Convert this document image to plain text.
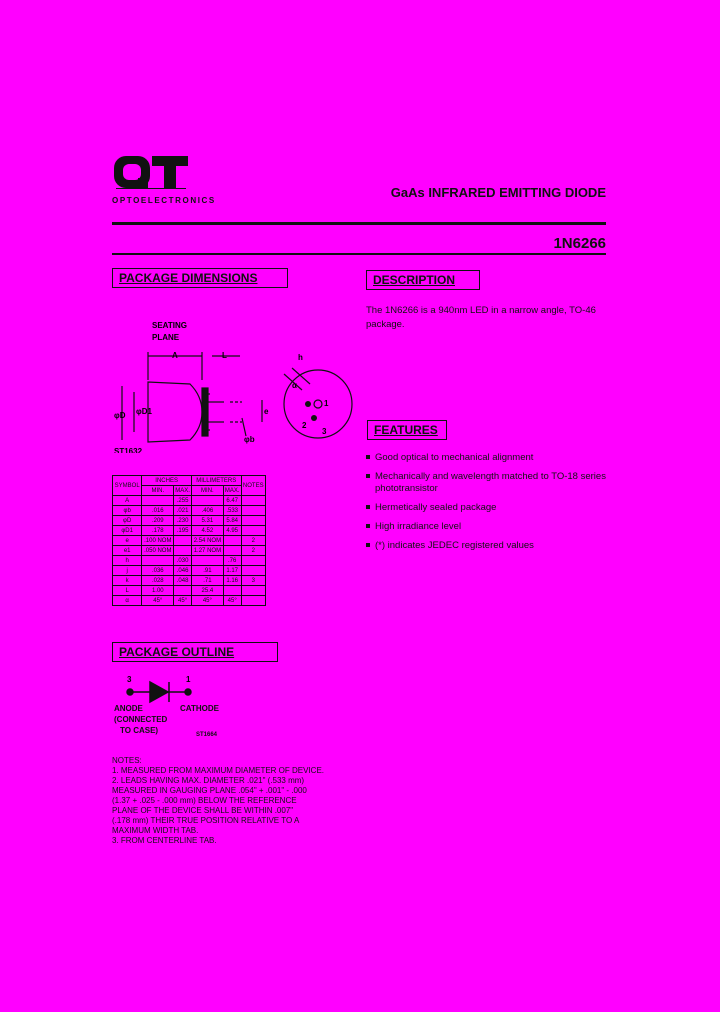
OPTOELECTRONICS
GaAs INFRARED EMITTING DIODE
1N6266
PACKAGE DIMENSIONS
SEATING
PLANE
A	L
φD φD1
φb
e
h
α
1
3
2
ST1632
SYMBOL	INCHES		MILLIMETERS		NOTES
	MIN.	MAX.	MIN.	MAX.	
A		.255		6.47	
φb	.016	.021	.406	.533	
φD	.209	.230	5.31	5.84	
φD1	.178	.195	4.52	4.95	
e	.100 NOM		2.54 NOM		2
e1	.050 NOM		1.27 NOM		2
h		.030		.76	
j	.036	.046	.91	1.17	
k	.028	.048	.71	1.16	3
L	1.00		25.4		
α	45°	45°	45°	45°	
DESCRIPTION
The 1N6266 is a 940nm LED in a narrow angle, TO-46 package.
FEATURES
Good optical to mechanical alignment
Mechanically and wavelength matched to TO-18 series phototransistor
Hermetically sealed package
High irradiance level
(*) indicates JEDEC registered values
PACKAGE OUTLINE
3	1
ANODE
(CONNECTED
TO CASE)
CATHODE
ST1664
NOTES:
1. MEASURED FROM MAXIMUM DIAMETER OF DEVICE.
2. LEADS HAVING MAX. DIAMETER .021" (.533 mm)
MEASURED IN GAUGING PLANE .054" + .001" - .000
(1.37 + .025 - .000 mm) BELOW THE REFERENCE
PLANE OF THE DEVICE SHALL BE WITHIN .007"
(.178 mm) THEIR TRUE POSITION RELATIVE TO A
MAXIMUM WIDTH TAB.
3. FROM CENTERLINE TAB.
